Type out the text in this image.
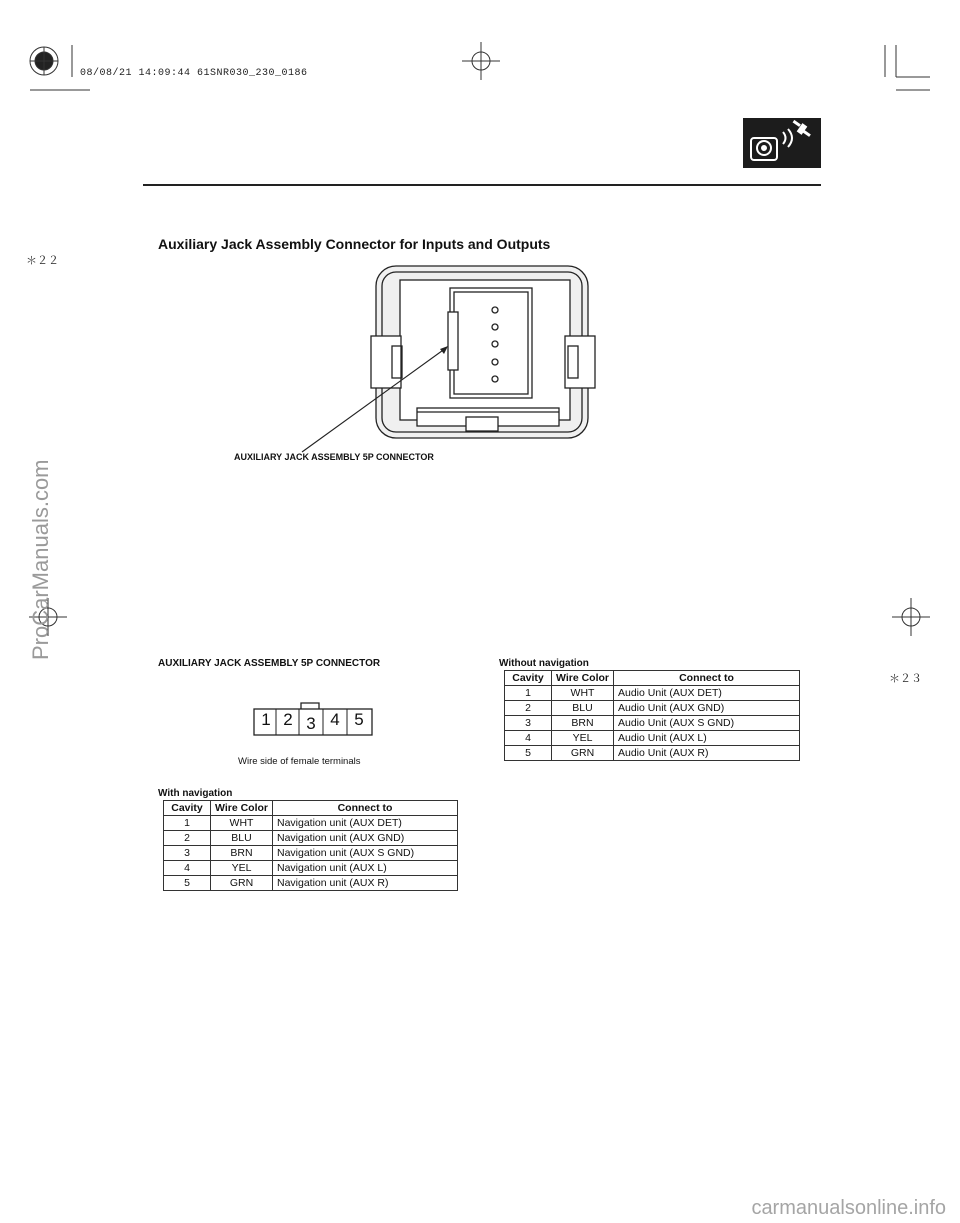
08/08/21 14:09:44 61SNR030_230_0186
＊２２
＊２３
Auxiliary Jack Assembly Connector for Inputs and Outputs
AUXILIARY JACK ASSEMBLY 5P CONNECTOR
AUXILIARY JACK ASSEMBLY 5P CONNECTOR
1 2 3 4 5
Wire side of female terminals
With navigation
Cavity	Wire Color	Connect to
1	WHT	Navigation unit (AUX DET)
2	BLU	Navigation unit (AUX GND)
3	BRN	Navigation unit (AUX S GND)
4	YEL	Navigation unit (AUX L)
5	GRN	Navigation unit (AUX R)
Without navigation
Cavity	Wire Color	Connect to
1	WHT	Audio Unit (AUX DET)
2	BLU	Audio Unit (AUX GND)
3	BRN	Audio Unit (AUX S GND)
4	YEL	Audio Unit (AUX L)
5	GRN	Audio Unit (AUX R)
ProCarManuals.com
carmanualsonline.info
